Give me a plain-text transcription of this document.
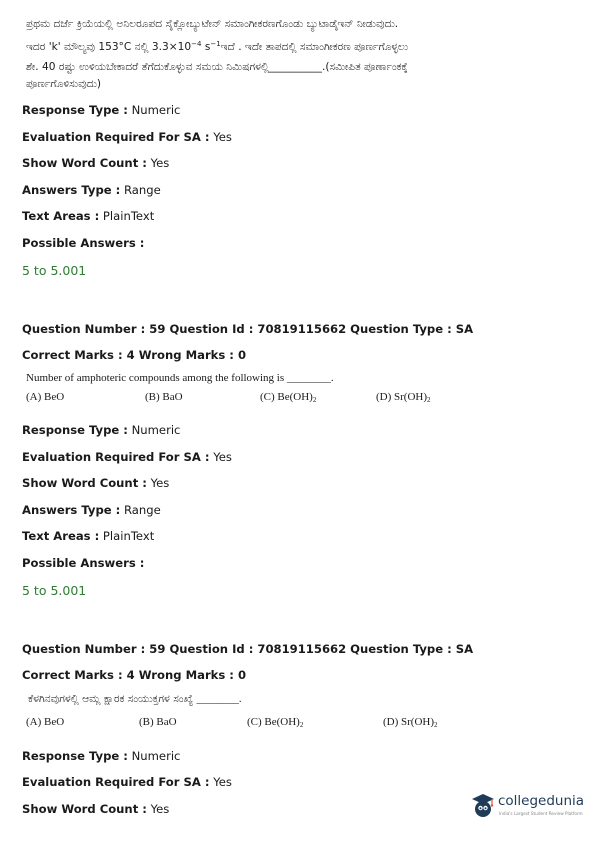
ಪ್ರಥಮ ದರ್ಜೆ ಕ್ರಿಯೆಯಲ್ಲಿ ಅನಿಲರೂಪದ ಸೈಕ್ಲೋಬ್ಯುಟೇನ್ ಸಮಾಂಗೀಕರಣಗೊಂಡು ಬ್ಯುಟಾಡೈಇನ್ ನೀಡುವುದು.
ಇದರ 'k' ಮೌಲ್ಯವು 153°C ನಲ್ಲಿ $3.3\times 10^{-4}$ $s^{-1}ಇದೆ$ . ಇದೇ ತಾಪದಲ್ಲಿ ಸಮಾಂಗೀಕರಣ ಪೂರ್ಣಗೊಳ್ಳಲು
ಶೇ. 40 ರಷ್ಟು ಉಳಿಯಬೇಕಾದರೆ ತೆಗೆದುಕೊಳ್ಳುವ ಸಮಯ ನಿಮಿಷಗಳಲ್ಲಿ__________.(ಸಮೀಪಿತ ಪೂರ್ಣಾಂಕಕ್ಕೆ
ಪೂರ್ಣಗೊಳಿಸುವುದು)
Response Type : Numeric
Evaluation Required For SA : Yes
Show Word Count : Yes
Answers Type : Range
Text Areas : PlainText
Possible Answers :
5 to 5.001
Question Number : 59 Question Id : 70819115662 Question Type : SA
Correct Marks : 4 Wrong Marks : 0
Number of amphoteric compounds among the following is ________.
(A) BeO	(B) BaO	(C) $Be(OH)_2$	(D) $Sr(OH)_2$
Response Type : Numeric
Evaluation Required For SA : Yes
Show Word Count : Yes
Answers Type : Range
Text Areas : PlainText
Possible Answers :
5 to 5.001
Question Number : 59 Question Id : 70819115662 Question Type : SA
Correct Marks : 4 Wrong Marks : 0
ಕೆಳಗಿನವುಗಳಲ್ಲಿ ಆಮ್ಲ ಕ್ಷಾರಕ ಸಂಯುಕ್ತಗಳ ಸಂಖ್ಯೆ ________.
(A) BeO	(B) BaO	(C) $Be(OH)_2$	(D) $Sr(OH)_2$
Response Type : Numeric
Evaluation Required For SA : Yes
Show Word Count : Yes	collegedunia
India's Largest Student Review Platform
